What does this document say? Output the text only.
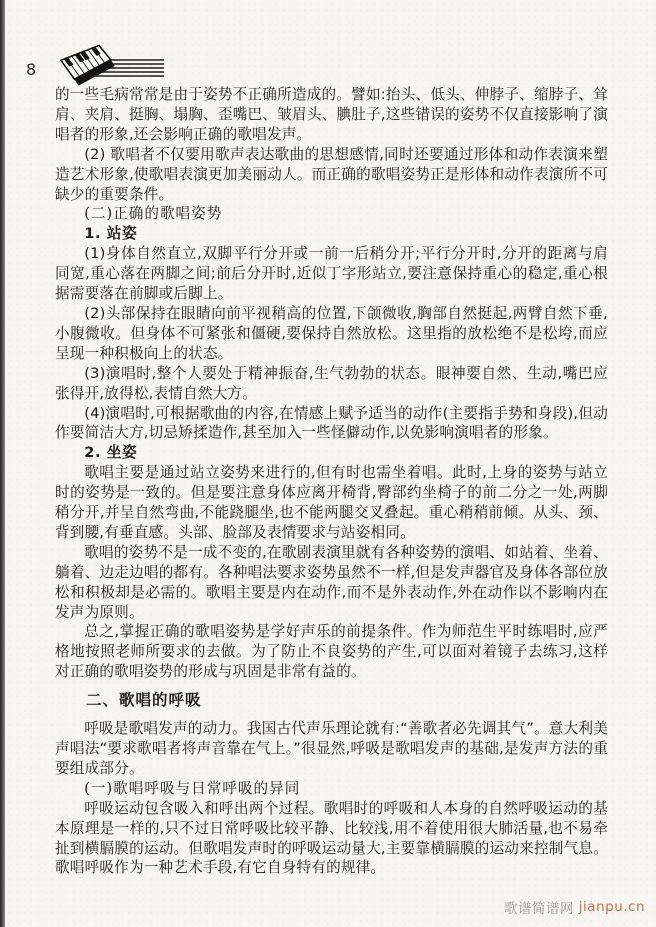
8

的一些毛病常常是由于姿势不正确所造成的。譬如:抬头、低头、伸脖子、缩脖子、耸肩、夹肩、挺胸、塌胸、歪嘴巴、皱眉头、腆肚子,这些错误的姿势不仅直接影响了演唱者的形象,还会影响正确的歌唱发声。

(2) 歌唱者不仅要用歌声表达歌曲的思想感情,同时还要通过形体和动作表演来塑造艺术形象,使歌唱表演更加美丽动人。而正确的歌唱姿势正是形体和动作表演所不可缺少的重要条件。

(二)正确的歌唱姿势

1. 站姿

(1)身体自然直立,双脚平行分开或一前一后稍分开;平行分开时,分开的距离与肩同宽,重心落在两脚之间;前后分开时,近似丁字形站立,要注意保持重心的稳定,重心根据需要落在前脚或后脚上。

(2)头部保持在眼睛向前平视稍高的位置,下颌微收,胸部自然挺起,两臂自然下垂,小腹微收。但身体不可紧张和僵硬,要保持自然放松。这里指的放松绝不是松垮,而应呈现一种积极向上的状态。

(3)演唱时,整个人要处于精神振奋,生气勃勃的状态。眼神要自然、生动,嘴巴应张得开,放得松,表情自然大方。

(4)演唱时,可根据歌曲的内容,在情感上赋予适当的动作(主要指手势和身段),但动作要简洁大方,切忌矫揉造作,甚至加入一些怪僻动作,以免影响演唱者的形象。

2. 坐姿

歌唱主要是通过站立姿势来进行的,但有时也需坐着唱。此时,上身的姿势与站立时的姿势是一致的。但是要注意身体应离开椅背,臀部约坐椅子的前二分之一处,两脚稍分开,并呈自然弯曲,不能跷腿坐,也不能两腿交叉叠起。重心稍稍前倾。从头、颈、背到腰,有垂直感。头部、脸部及表情要求与站姿相同。

歌唱的姿势不是一成不变的,在歌剧表演里就有各种姿势的演唱、如站着、坐着、躺着、边走边唱的都有。各种唱法要求姿势虽然不一样,但是发声器官及身体各部位放松和积极却是必需的。歌唱主要是内在动作,而不是外表动作,外在动作以不影响内在发声为原则。

总之,掌握正确的歌唱姿势是学好声乐的前提条件。作为师范生平时练唱时,应严格地按照老师所要求的去做。为了防止不良姿势的产生,可以面对着镜子去练习,这样对正确的歌唱姿势的形成与巩固是非常有益的。

二、歌唱的呼吸

呼吸是歌唱发声的动力。我国古代声乐理论就有:“善歌者必先调其气”。意大利美声唱法“要求歌唱者将声音靠在气上。”很显然,呼吸是歌唱发声的基础,是发声方法的重要组成部分。

(一)歌唱呼吸与日常呼吸的异同

呼吸运动包含吸入和呼出两个过程。歌唱时的呼吸和人本身的自然呼吸运动的基本原理是一样的,只不过日常呼吸比较平静、比较浅,用不着使用很大肺活量,也不易牵扯到横膈膜的运动。但歌唱发声时的呼吸运动量大,主要靠横膈膜的运动来控制气息。歌唱呼吸作为一种艺术手段,有它自身特有的规律。

歌谱简谱网 jianpu.cn
